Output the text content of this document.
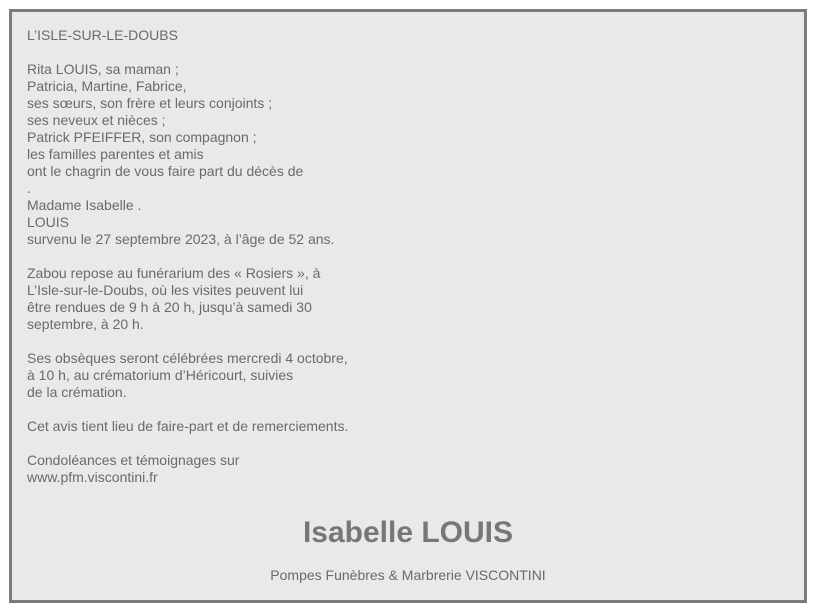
L’ISLE-SUR-LE-DOUBS
Rita LOUIS, sa maman ;
Patricia, Martine, Fabrice,
ses sœurs, son frère et leurs conjoints ;
ses neveux et nièces ;
Patrick PFEIFFER, son compagnon ;
les familles parentes et amis
ont le chagrin de vous faire part du décès de
.
Madame Isabelle .
LOUIS
survenu le 27 septembre 2023, à l’âge de 52 ans.
Zabou repose au funérarium des « Rosiers », à
L’Isle-sur-le-Doubs, où les visites peuvent lui
être rendues de 9 h à 20 h, jusqu’à samedi 30
septembre, à 20 h.
Ses obsèques seront célébrées mercredi 4 octobre,
à 10 h, au crématorium d’Héricourt, suivies
de la crémation.
Cet avis tient lieu de faire-part et de remerciements.
Condoléances et témoignages sur
www.pfm.viscontini.fr
Isabelle LOUIS
Pompes Funèbres & Marbrerie VISCONTINI
